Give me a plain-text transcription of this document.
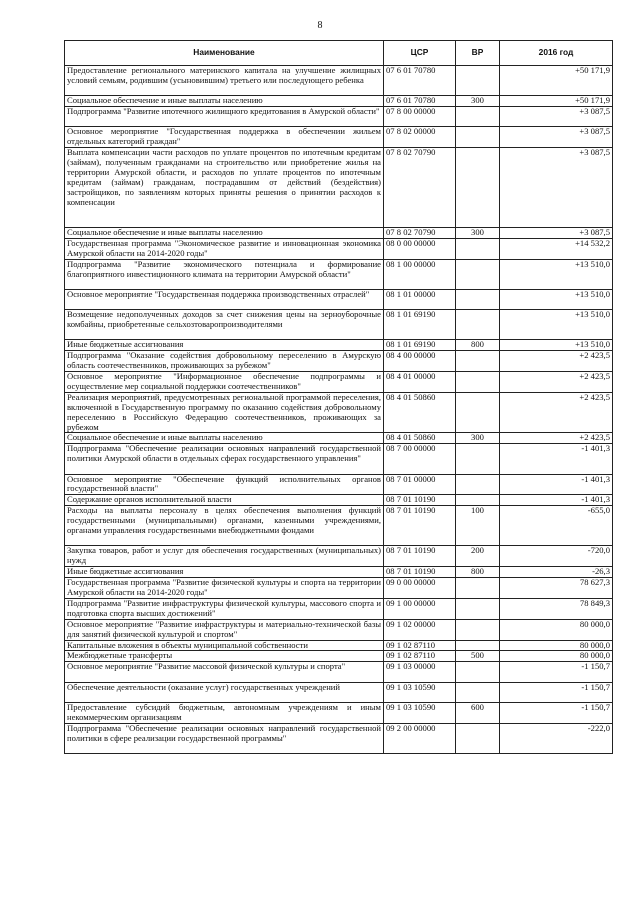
8
Наименование	ЦСР	ВР	2016 год
Предоставление регионального материнского капитала на улучшение жилищных условий семьям, родившим (усыновившим) третьего или последующего ребенка	07 6 01 70780		+50 171,9
Социальное обеспечение и иные выплаты населению	07 6 01 70780	300	+50 171,9
Подпрограмма "Развитие ипотечного жилищного кредитования в Амурской области"	07 8 00 00000		+3 087,5
Основное мероприятие "Государственная поддержка в обеспечении жильем отдельных категорий граждан"	07 8 02 00000		+3 087,5
Выплата компенсации части расходов по уплате процентов по ипотечным кредитам (займам), полученным гражданами на строительство или приобретение жилья на территории Амурской области, и расходов по уплате процентов по ипотечным кредитам (займам) гражданам, пострадавшим от действий (бездействия) застройщиков, по заявлениям которых приняты решения о принятии расходов к компенсации	07 8 02 70790		+3 087,5
Социальное обеспечение и иные выплаты населению	07 8 02 70790	300	+3 087,5
Государственная программа "Экономическое развитие и инновационная экономика Амурской области на 2014-2020 годы"	08 0 00 00000		+14 532,2
Подпрограмма "Развитие экономического потенциала и формирование благоприятного инвестиционного климата на территории Амурской области"	08 1 00 00000		+13 510,0
Основное мероприятие "Государственная поддержка производственных отраслей"	08 1 01 00000		+13 510,0
Возмещение недополученных доходов за счет снижения цены на зерноуборочные комбайны, приобретенные сельхозтоваропроизводителями	08 1 01 69190		+13 510,0
Иные бюджетные ассигнования	08 1 01 69190	800	+13 510,0
Подпрограмма "Оказание содействия добровольному переселению в Амурскую область соотечественников, проживающих за рубежом"	08 4 00 00000		+2 423,5
Основное мероприятие "Информационное обеспечение подпрограммы и осуществление мер социальной поддержки соотечественников"	08 4 01 00000		+2 423,5
Реализация мероприятий, предусмотренных региональной программой переселения, включенной в Государственную программу по оказанию содействия добровольному переселению в Российскую Федерацию соотечественников, проживающих за рубежом	08 4 01 50860		+2 423,5
Социальное обеспечение и иные выплаты населению	08 4 01 50860	300	+2 423,5
Подпрограмма "Обеспечение реализации основных направлений государственной политики Амурской области в отдельных сферах государственного управления"	08 7 00 00000		-1 401,3
Основное мероприятие "Обеспечение функций исполнительных органов государственной власти"	08 7 01 00000		-1 401,3
Содержание органов исполнительной власти	08 7 01 10190		-1 401,3
Расходы на выплаты персоналу в целях обеспечения выполнения функций государственными (муниципальными) органами, казенными учреждениями, органами управления государственными внебюджетными фондами	08 7 01 10190	100	-655,0
Закупка товаров, работ и услуг для обеспечения государственных (муниципальных) нужд	08 7 01 10190	200	-720,0
Иные бюджетные ассигнования	08 7 01 10190	800	-26,3
Государственная программа "Развитие физической культуры и спорта на территории Амурской области на 2014-2020 годы"	09 0 00 00000		78 627,3
Подпрограмма "Развитие инфраструктуры физической культуры, массового спорта и подготовка спорта высших достижений"	09 1 00 00000		78 849,3
Основное мероприятие "Развитие инфраструктуры и материально-технической базы для занятий физической культурой и спортом"	09 1 02 00000		80 000,0
Капитальные вложения в объекты муниципальной собственности	09 1 02 87110		80 000,0
Межбюджетные трансферты	09 1 02 87110	500	80 000,0
Основное мероприятие "Развитие массовой физической культуры и спорта"	09 1 03 00000		-1 150,7
Обеспечение деятельности (оказание услуг) государственных учреждений	09 1 03 10590		-1 150,7
Предоставление субсидий бюджетным, автономным учреждениям и иным некоммерческим организациям	09 1 03 10590	600	-1 150,7
Подпрограмма "Обеспечение реализации основных направлений государственной политики в сфере реализации государственной программы"	09 2 00 00000		-222,0
